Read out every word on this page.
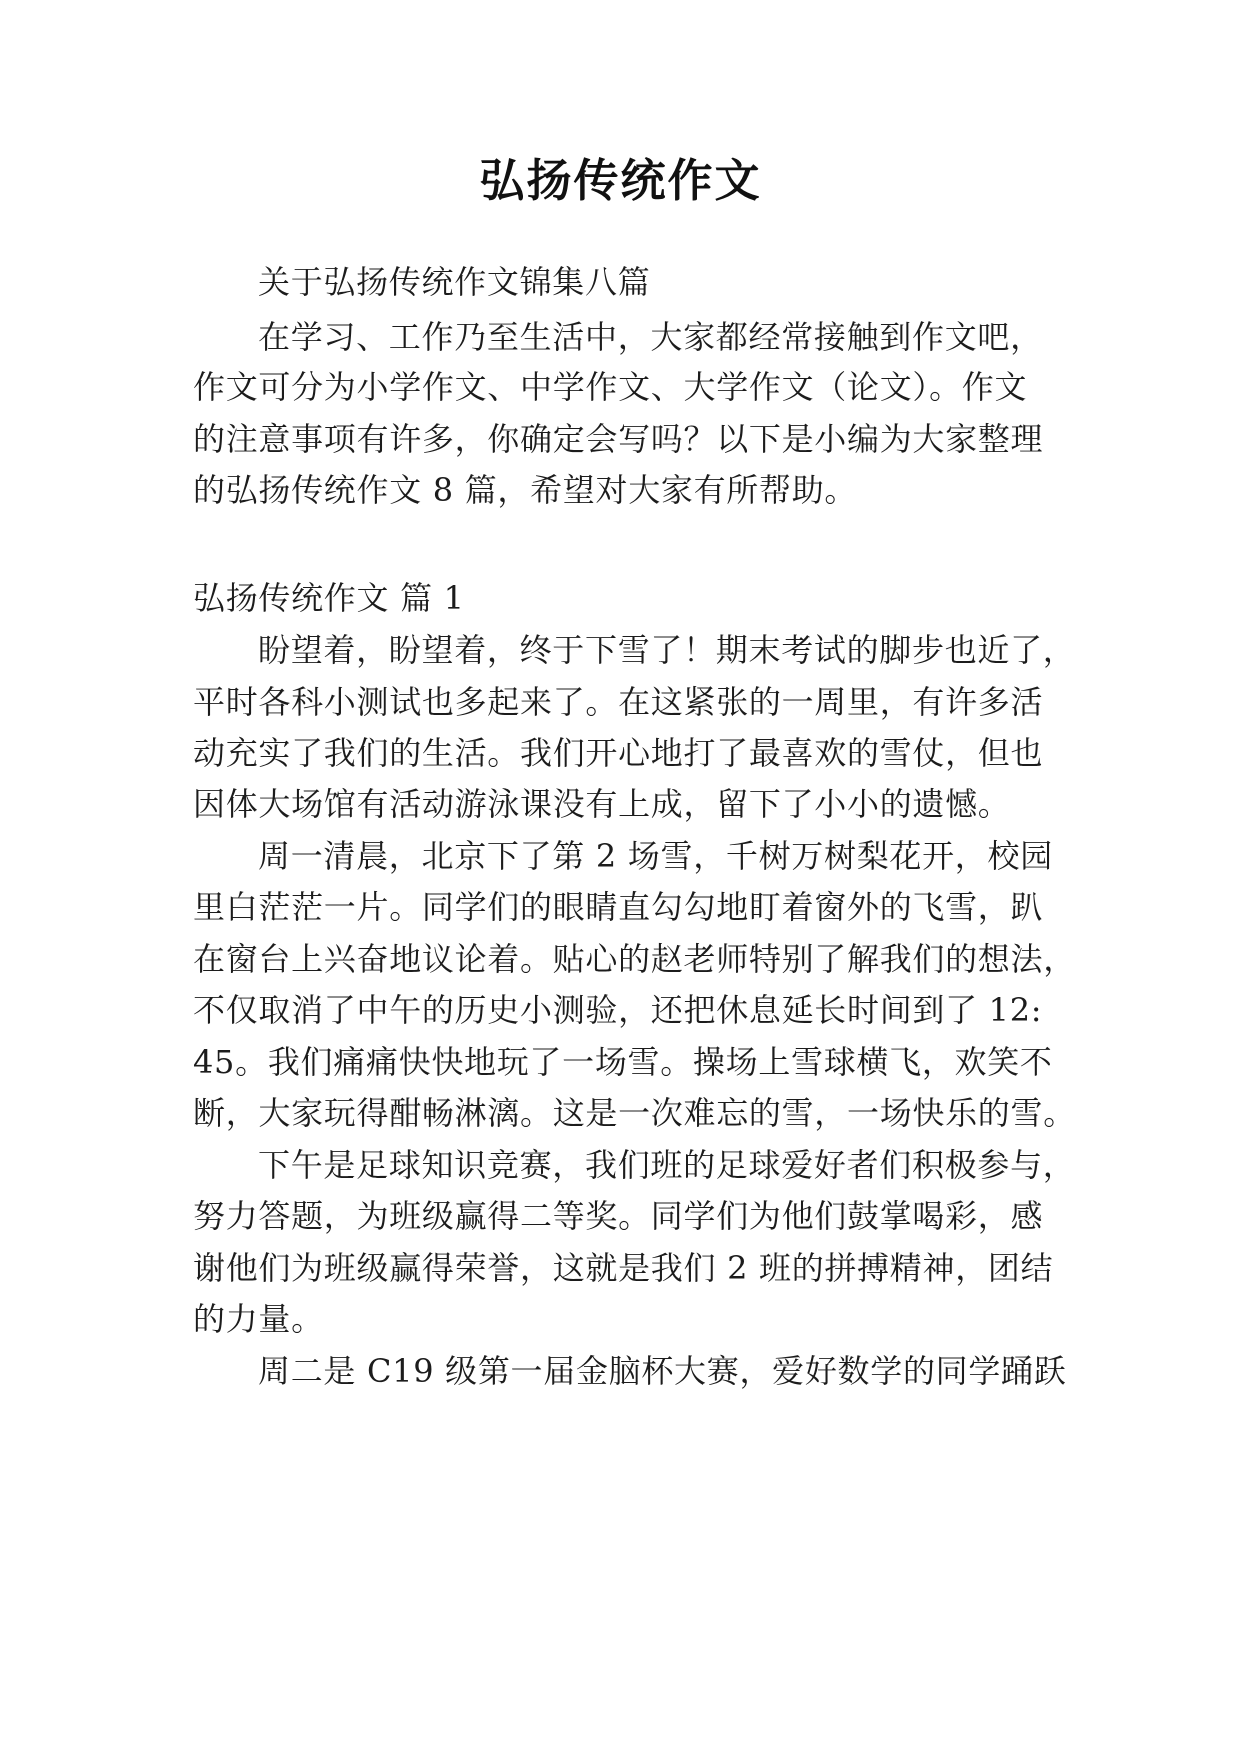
弘扬传统作文
关于弘扬传统作文锦集八篇
在学习、工作乃至生活中，大家都经常接触到作文吧，
作文可分为小学作文、中学作文、大学作文（论文）。作文
的注意事项有许多，你确定会写吗？以下是小编为大家整理
的弘扬传统作文 8 篇，希望对大家有所帮助。
弘扬传统作文 篇 1
盼望着，盼望着，终于下雪了！期末考试的脚步也近了，
平时各科小测试也多起来了。在这紧张的一周里，有许多活
动充实了我们的生活。我们开心地打了最喜欢的雪仗，但也
因体大场馆有活动游泳课没有上成，留下了小小的遗憾。
周一清晨，北京下了第 2 场雪，千树万树梨花开，校园
里白茫茫一片。同学们的眼睛直勾勾地盯着窗外的飞雪，趴
在窗台上兴奋地议论着。贴心的赵老师特别了解我们的想法，
不仅取消了中午的历史小测验，还把休息延长时间到了 12:
45。我们痛痛快快地玩了一场雪。操场上雪球横飞，欢笑不
断，大家玩得酣畅淋漓。这是一次难忘的雪，一场快乐的雪。
下午是足球知识竞赛，我们班的足球爱好者们积极参与，
努力答题，为班级赢得二等奖。同学们为他们鼓掌喝彩，感
谢他们为班级赢得荣誉，这就是我们 2 班的拼搏精神，团结
的力量。
周二是 C19 级第一届金脑杯大赛，爱好数学的同学踊跃
